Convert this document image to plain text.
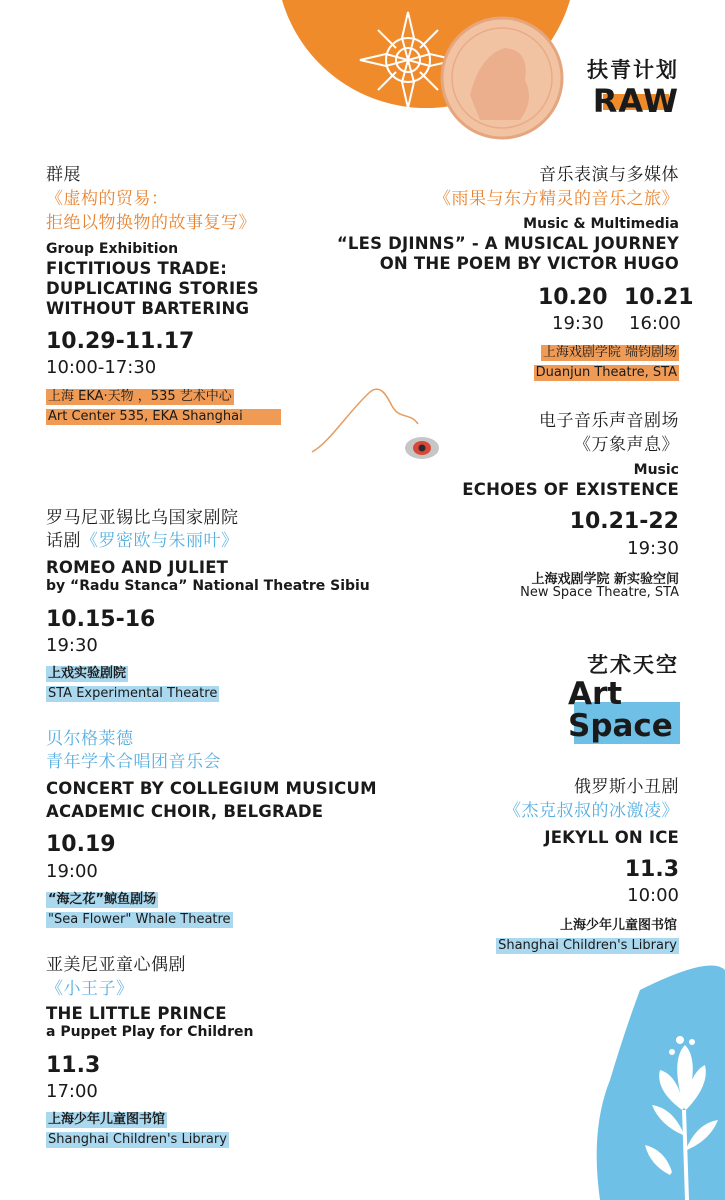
扶青计划
RAW
群展
《虚构的贸易：
拒绝以物换物的故事复写》
Group Exhibition
FICTITIOUS TRADE:
DUPLICATING STORIES
WITHOUT BARTERING
10.29-11.17
10:00-17:30
上海 EKA·天物 ，535 艺术中心
Art Center 535, EKA Shanghai
音乐表演与多媒体
《雨果与东方精灵的音乐之旅》
Music & Multimedia
“LES DJINNS” - A MUSICAL JOURNEY
ON THE POEM BY VICTOR HUGO
10.20 10.21
19:30 16:00
上海戏剧学院 端钧剧场
Duanjun Theatre, STA
电子音乐声音剧场
《万象声息》
Music
ECHOES OF EXISTENCE
10.21-22
19:30
上海戏剧学院 新实验空间
New Space Theatre, STA
罗马尼亚锡比乌国家剧院
话剧《罗密欧与朱丽叶》
ROMEO AND JULIET
by “Radu Stanca” National Theatre Sibiu
10.15-16
19:30
上戏实验剧院
STA Experimental Theatre
艺术天空
Art
Space
贝尔格莱德
青年学术合唱团音乐会
CONCERT BY COLLEGIUM MUSICUM
ACADEMIC CHOIR, BELGRADE
10.19
19:00
“海之花”鲸鱼剧场
"Sea Flower" Whale Theatre
俄罗斯小丑剧
《杰克叔叔的冰激凌》
JEKYLL ON ICE
11.3
10:00
上海少年儿童图书馆
Shanghai Children's Library
亚美尼亚童心偶剧
《小王子》
THE LITTLE PRINCE
a Puppet Play for Children
11.3
17:00
上海少年儿童图书馆
Shanghai Children's Library
